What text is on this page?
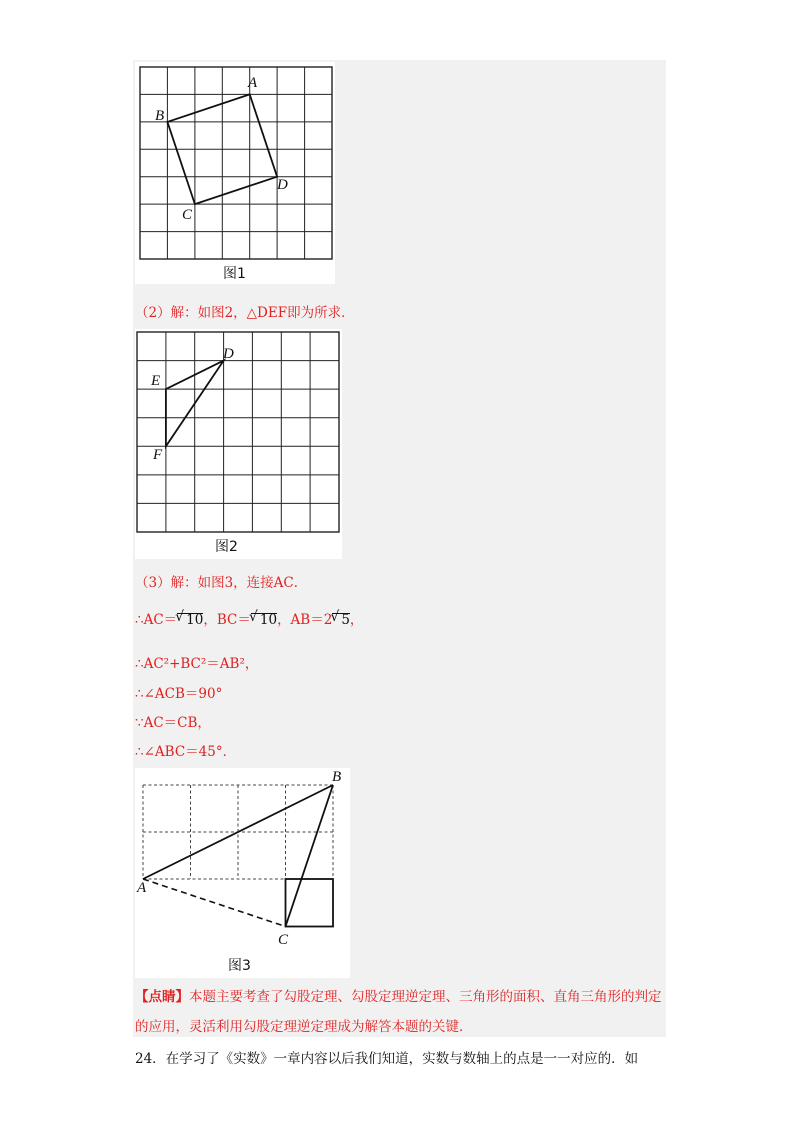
A
B
C
D
图1
（2）解：如图2，△DEF即为所求．
D
E
F
图2
（3）解：如图3，连接AC．
∴AC＝ √ 10，BC＝ √ 10，AB＝2 √ 5，
∴AC²+BC²＝AB²，
∴∠ACB＝90°
∵AC＝CB，
∴∠ABC＝45°．
B
A
C
图3
【点睛】本题主要考查了勾股定理、勾股定理逆定理、三角形的面积、直角三角形的判定的应用，灵活利用勾股定理逆定理成为解答本题的关键．
24．在学习了《实数》一章内容以后我们知道，实数与数轴上的点是一一对应的．如
